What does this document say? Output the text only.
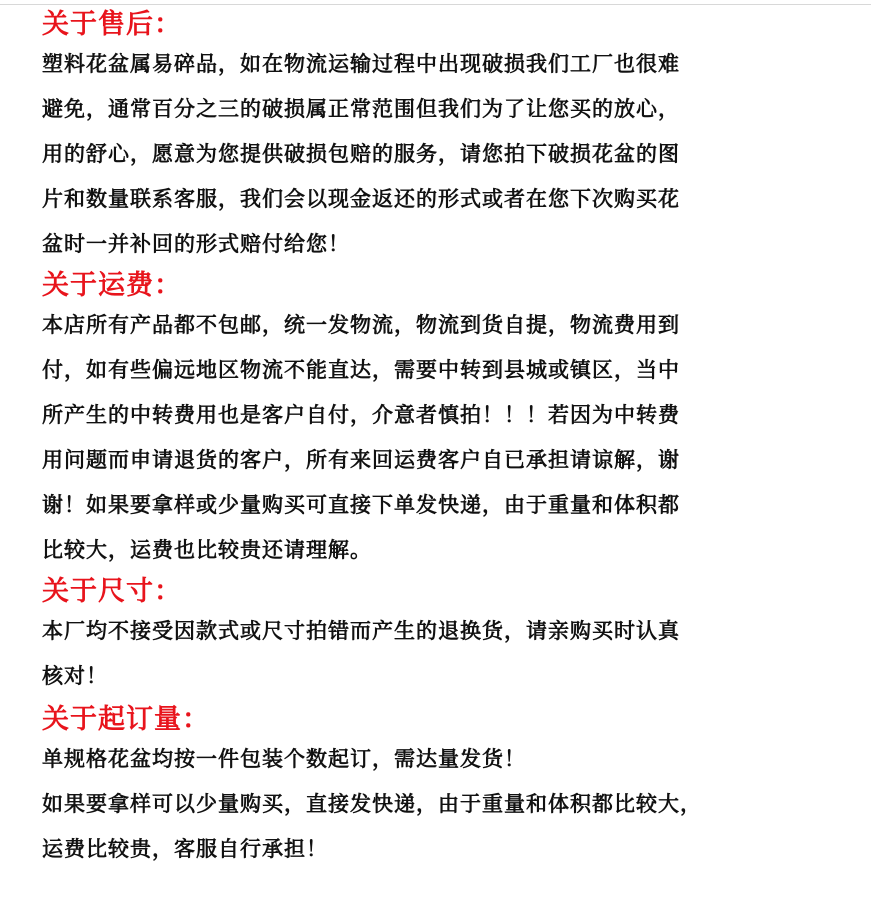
关于售后：

塑料花盆属易碎品，如在物流运输过程中出现破损我们工厂也很难
避免，通常百分之三的破损属正常范围但我们为了让您买的放心，
用的舒心，愿意为您提供破损包赔的服务，请您拍下破损花盆的图
片和数量联系客服，我们会以现金返还的形式或者在您下次购买花
盆时一并补回的形式赔付给您！

关于运费：

本店所有产品都不包邮，统一发物流，物流到货自提，物流费用到
付，如有些偏远地区物流不能直达，需要中转到县城或镇区，当中
所产生的中转费用也是客户自付，介意者慎拍！！！若因为中转费
用问题而申请退货的客户，所有来回运费客户自已承担请谅解，谢
谢！如果要拿样或少量购买可直接下单发快递，由于重量和体积都
比较大，运费也比较贵还请理解。

关于尺寸：

本厂均不接受因款式或尺寸拍错而产生的退换货，请亲购买时认真
核对！

关于起订量：

单规格花盆均按一件包装个数起订，需达量发货！
如果要拿样可以少量购买，直接发快递，由于重量和体积都比较大，
运费比较贵，客服自行承担！
